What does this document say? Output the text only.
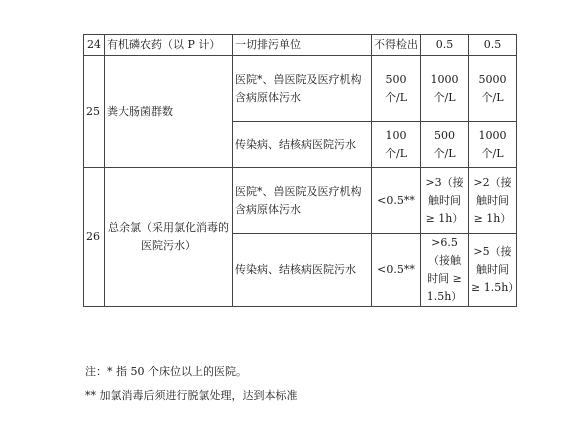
24	有机磷农药（以 P 计）	一切排污单位	不得检出	0.5	0.5
25	粪大肠菌群数	医院*、兽医院及医疗机构含病原体污水	500 个/L	1000 个/L	5000 个/L
		传染病、结核病医院污水	100 个/L	500 个/L	1000 个/L
26	总余氯（采用氯化消毒的医院污水）	医院*、兽医院及医疗机构含病原体污水	<0.5**	>3（接触时间 ≥ 1h）	>2（接触时间 ≥ 1h）
		传染病、结核病医院污水	<0.5**	>6.5（接触时间 ≥ 1.5h）	>5（接触时间 ≥ 1.5h）
注：* 指 50 个床位以上的医院。
** 加氯消毒后须进行脱氯处理，达到本标准
